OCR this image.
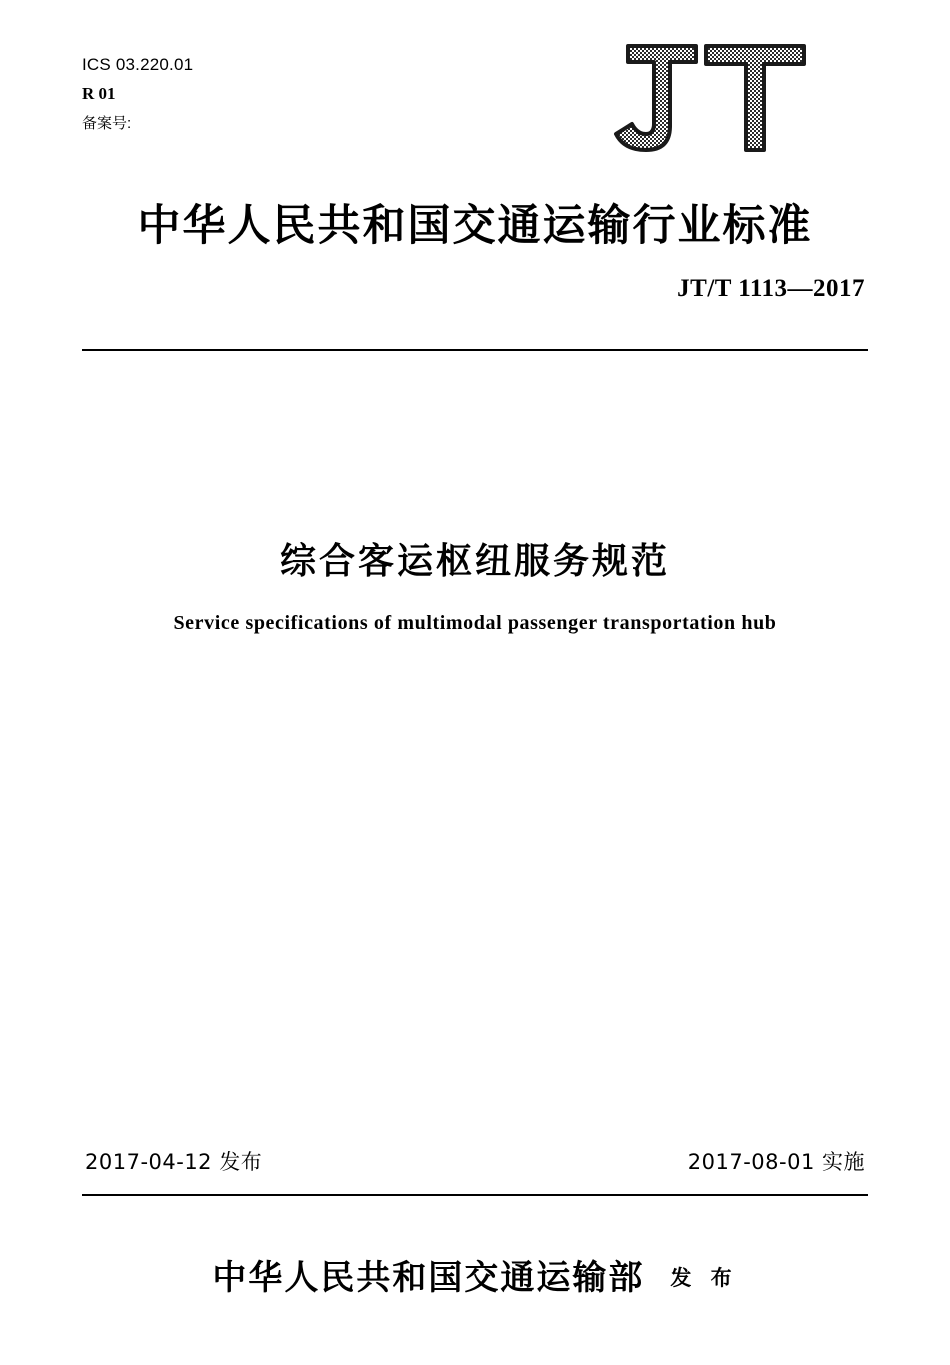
ICS 03.220.01
R 01
备案号:
中华人民共和国交通运输行业标准
JT/T 1113—2017
综合客运枢纽服务规范
Service specifications of multimodal passenger transportation hub
2017-04-12 发布	2017-08-01 实施
中华人民共和国交通运输部 发 布
